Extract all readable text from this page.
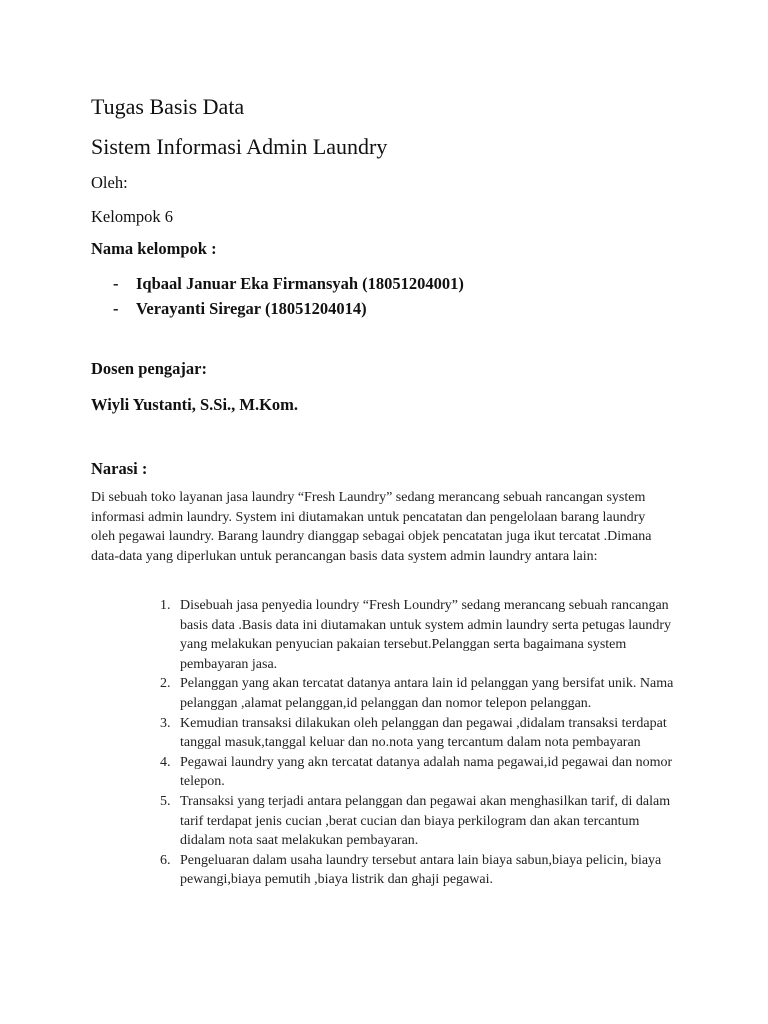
Tugas Basis Data
Sistem Informasi Admin Laundry
Oleh:
Kelompok 6
Nama kelompok :
- Iqbaal Januar Eka Firmansyah (18051204001)
- Verayanti Siregar (18051204014)
Dosen pengajar:
Wiyli Yustanti, S.Si., M.Kom.
Narasi :

Di sebuah toko layanan jasa laundry “Fresh Laundry” sedang merancang sebuah rancangan system informasi admin laundry. System ini diutamakan untuk pencatatan dan pengelolaan barang laundry oleh pegawai laundry. Barang laundry dianggap sebagai objek pencatatan juga ikut tercatat .Dimana data-data yang diperlukan untuk perancangan basis data system admin laundry antara lain:

1. Disebuah jasa penyedia loundry “Fresh Loundry” sedang merancang sebuah rancangan basis data .Basis data ini diutamakan untuk system admin laundry serta petugas laundry yang melakukan penyucian pakaian tersebut.Pelanggan serta bagaimana system pembayaran jasa.
2. Pelanggan yang akan tercatat datanya antara lain id pelanggan yang bersifat unik. Nama pelanggan ,alamat pelanggan,id pelanggan dan nomor telepon pelanggan.
3. Kemudian transaksi dilakukan oleh pelanggan dan pegawai ,didalam transaksi terdapat tanggal masuk,tanggal keluar dan no.nota yang tercantum dalam nota pembayaran
4. Pegawai laundry yang akn tercatat datanya adalah nama pegawai,id pegawai dan nomor telepon.
5. Transaksi yang terjadi antara pelanggan dan pegawai akan menghasilkan tarif, di dalam tarif terdapat jenis cucian ,berat cucian dan biaya perkilogram dan akan tercantum didalam nota saat melakukan pembayaran.
6. Pengeluaran dalam usaha laundry tersebut antara lain biaya sabun,biaya pelicin, biaya pewangi,biaya pemutih ,biaya listrik dan ghaji pegawai.
